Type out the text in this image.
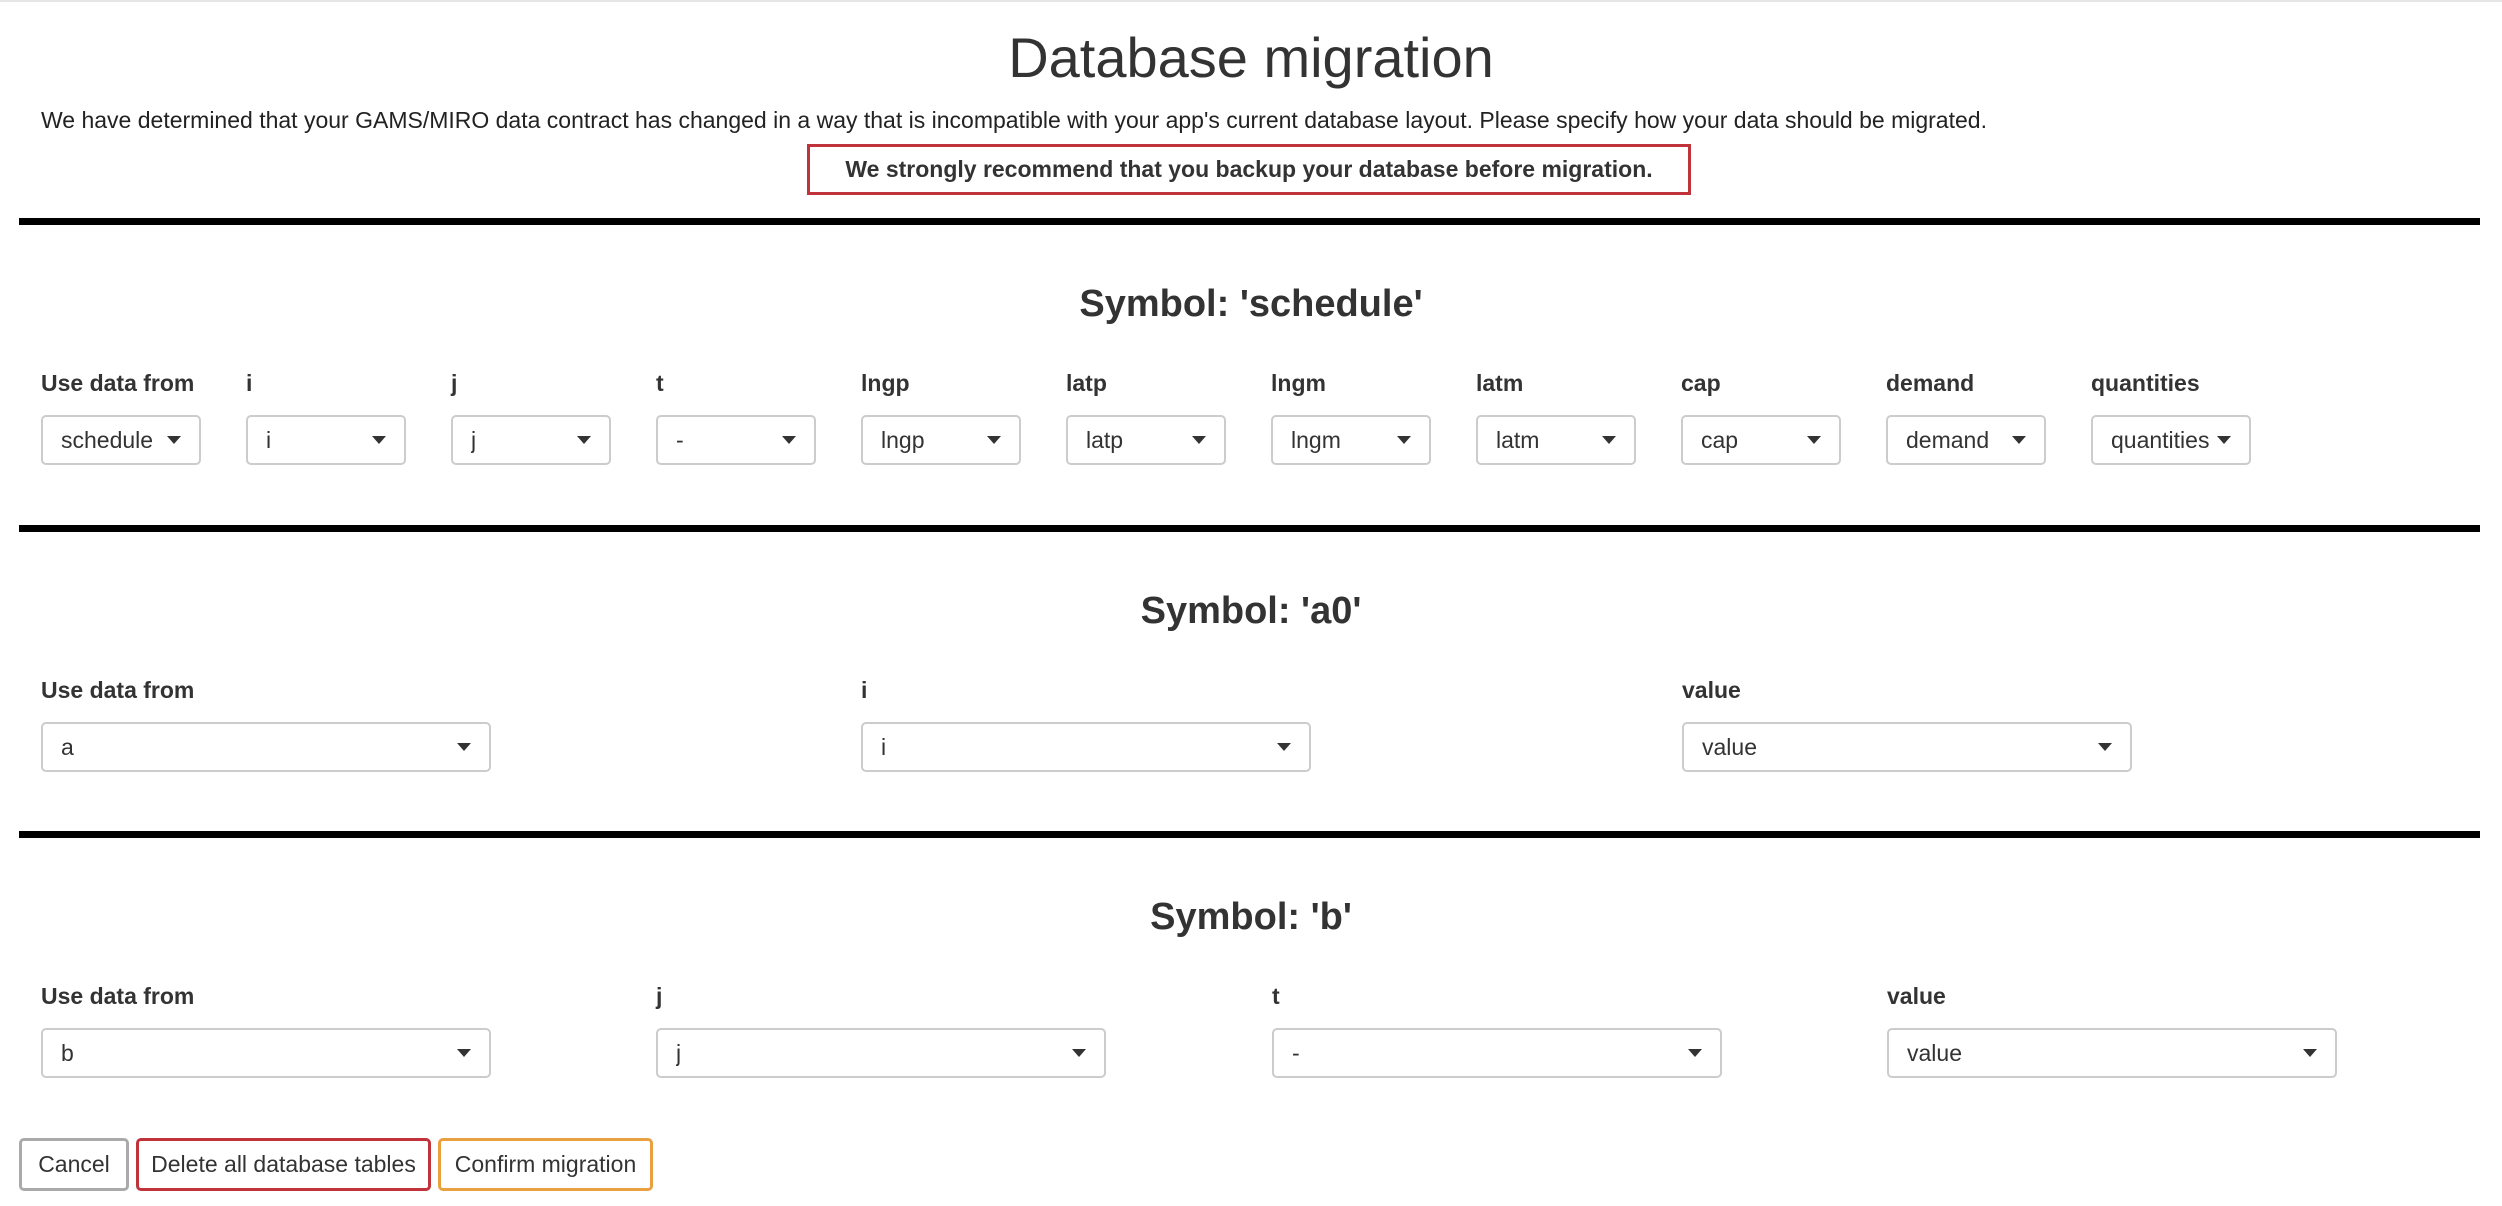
Database migration

We have determined that your GAMS/MIRO data contract has changed in a way that is incompatible with your app's current database layout. Please specify how your data should be migrated.

We strongly recommend that you backup your database before migration.
Symbol: 'schedule'
Use data from
schedule
i
i
j
j
t
-
lngp
lngp
latp
latp
lngm
lngm
latm
latm
cap
cap
demand
demand
quantities
quantities
Symbol: 'a0'
Use data from
a
i
i
value
value
Symbol: 'b'
Use data from
b
j
j
t
-
value
value
Cancel	Delete all database tables	Confirm migration
